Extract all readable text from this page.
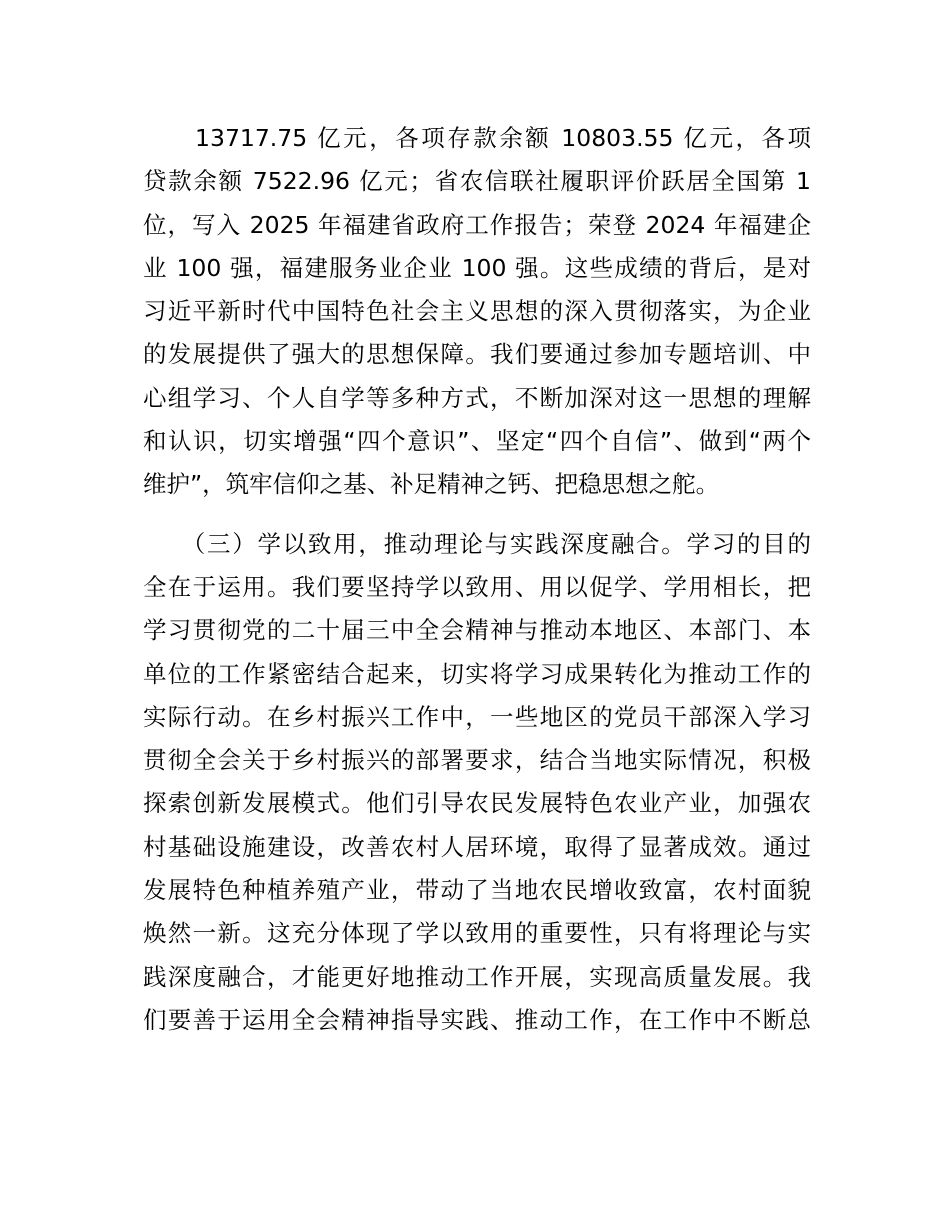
　　13717.75 亿元，各项存款余额 10803.55 亿元，各项
贷款余额 7522.96 亿元；省农信联社履职评价跃居全国第 1
位，写入 2025 年福建省政府工作报告；荣登 2024 年福建企
业 100 强，福建服务业企业 100 强。这些成绩的背后，是对
习近平新时代中国特色社会主义思想的深入贯彻落实，为企业
的发展提供了强大的思想保障。我们要通过参加专题培训、中
心组学习、个人自学等多种方式，不断加深对这一思想的理解
和认识，切实增强“四个意识”、坚定“四个自信”、做到“两个
维护”，筑牢信仰之基、补足精神之钙、把稳思想之舵。
　　（三）学以致用，推动理论与实践深度融合。学习的目的
全在于运用。我们要坚持学以致用、用以促学、学用相长，把
学习贯彻党的二十届三中全会精神与推动本地区、本部门、本
单位的工作紧密结合起来，切实将学习成果转化为推动工作的
实际行动。在乡村振兴工作中，一些地区的党员干部深入学习
贯彻全会关于乡村振兴的部署要求，结合当地实际情况，积极
探索创新发展模式。他们引导农民发展特色农业产业，加强农
村基础设施建设，改善农村人居环境，取得了显著成效。通过
发展特色种植养殖产业，带动了当地农民增收致富，农村面貌
焕然一新。这充分体现了学以致用的重要性，只有将理论与实
践深度融合，才能更好地推动工作开展，实现高质量发展。我
们要善于运用全会精神指导实践、推动工作，在工作中不断总
